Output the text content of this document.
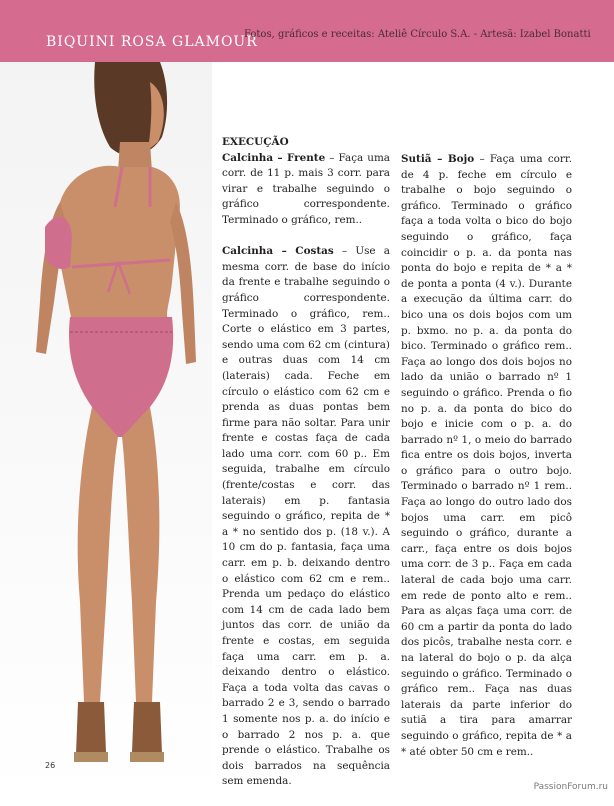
BIQUINI ROSA GLAMOUR
Fotos, gráficos e receitas: Ateliê Círculo S.A. - Artesã: Izabel Bonatti
26
EXECUÇÃO

Calcinha – Frente – Faça uma corr. de 11 p. mais 3 corr. para virar e trabalhe seguindo o gráfico correspondente. Terminado o gráfico, rem..

Calcinha – Costas – Use a mesma corr. de base do início da frente e trabalhe seguindo o gráfico correspondente. Terminado o gráfico, rem.. Corte o elástico em 3 partes, sendo uma com 62 cm (cintura) e outras duas com 14 cm (laterais) cada. Feche em círculo o elástico com 62 cm e prenda as duas pontas bem firme para não soltar. Para unir frente e costas faça de cada lado uma corr. com 60 p.. Em seguida, trabalhe em círculo (frente/costas e corr. das laterais) em p. fantasia seguindo o gráfico, repita de * a * no sentido dos p. (18 v.). A 10 cm do p. fantasia, faça uma carr. em p. b. deixando dentro o elástico com 62 cm e rem.. Prenda um pedaço do elástico com 14 cm de cada lado bem juntos das corr. de união da frente e costas, em seguida faça uma carr. em p. a. deixando dentro o elástico. Faça a toda volta das cavas o barrado 2 e 3, sendo o barrado 1 somente nos p. a. do início e o barrado 2 nos p. a. que prende o elástico. Trabalhe os dois barrados na sequência sem emenda.

Sutiã – Bojo – Faça uma corr. de 4 p. feche em círculo e trabalhe o bojo seguindo o gráfico. Terminado o gráfico faça a toda volta o bico do bojo seguindo o gráfico, faça coincidir o p. a. da ponta nas ponta do bojo e repita de * a * de ponta a ponta (4 v.). Durante a execução da última carr. do bico una os dois bojos com um p. bxmo. no p. a. da ponta do bico. Terminado o gráfico rem.. Faça ao longo dos dois bojos no lado da união o barrado nº 1 seguindo o gráfico. Prenda o fio no p. a. da ponta do bico do bojo e inicie com o p. a. do barrado nº 1, o meio do barrado fica entre os dois bojos, inverta o gráfico para o outro bojo. Terminado o barrado nº 1 rem.. Faça ao longo do outro lado dos bojos uma carr. em picô seguindo o gráfico, durante a carr., faça entre os dois bojos uma corr. de 3 p.. Faça em cada lateral de cada bojo uma carr. em rede de ponto alto e rem.. Para as alças faça uma corr. de 60 cm a partir da ponta do lado dos picôs, trabalhe nesta corr. e na lateral do bojo o p. da alça seguindo o gráfico. Terminado o gráfico rem.. Faça nas duas laterais da parte inferior do sutiã a tira para amarrar seguindo o gráfico, repita de * a * até obter 50 cm e rem..

PassionForum.ru
